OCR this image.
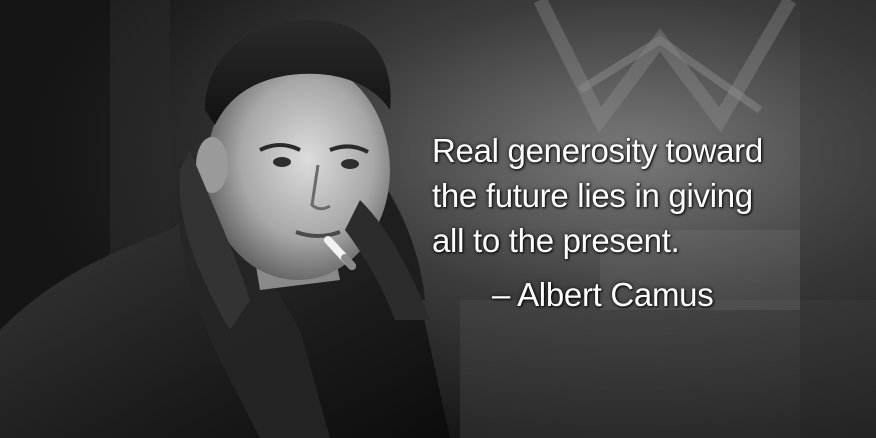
Real generosity toward
the future lies in giving
all to the present.
– Albert Camus
